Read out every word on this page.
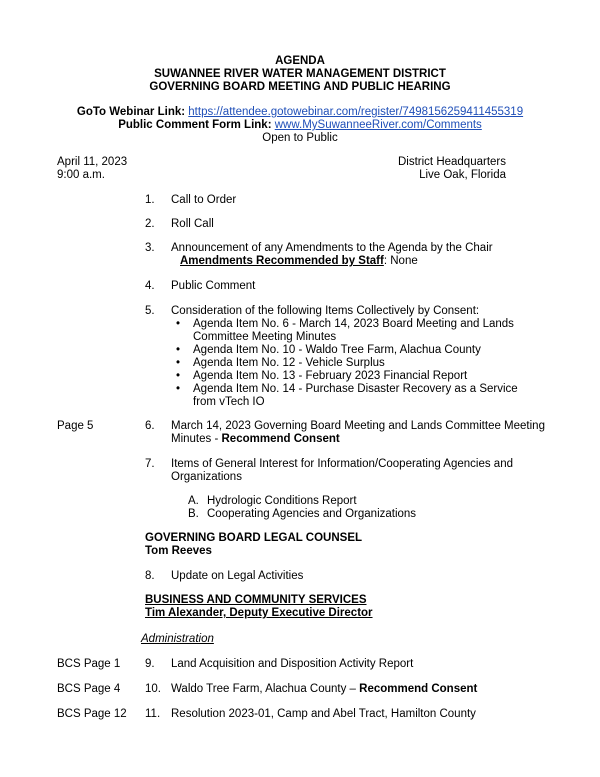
AGENDA
SUWANNEE RIVER WATER MANAGEMENT DISTRICT
GOVERNING BOARD MEETING AND PUBLIC HEARING
GoTo Webinar Link: https://attendee.gotowebinar.com/register/7498156259411455319
Public Comment Form Link: www.MySuwanneeRiver.com/Comments
Open to Public
April 11, 2023
9:00 a.m.
District Headquarters
Live Oak, Florida
1. Call to Order
2. Roll Call
3. Announcement of any Amendments to the Agenda by the Chair
Amendments Recommended by Staff: None
4. Public Comment
5. Consideration of the following Items Collectively by Consent:
• Agenda Item No. 6 - March 14, 2023 Board Meeting and Lands Committee Meeting Minutes
• Agenda Item No. 10 - Waldo Tree Farm, Alachua County
• Agenda Item No. 12 - Vehicle Surplus
• Agenda Item No. 13 - February 2023 Financial Report
• Agenda Item No. 14 - Purchase Disaster Recovery as a Service from vTech IO
Page 5	6. March 14, 2023 Governing Board Meeting and Lands Committee Meeting
Minutes - Recommend Consent
7. Items of General Interest for Information/Cooperating Agencies and
Organizations
A. Hydrologic Conditions Report
B. Cooperating Agencies and Organizations
GOVERNING BOARD LEGAL COUNSEL
Tom Reeves
8. Update on Legal Activities
BUSINESS AND COMMUNITY SERVICES
Tim Alexander, Deputy Executive Director
Administration
BCS Page 1 9. Land Acquisition and Disposition Activity Report
BCS Page 4 10. Waldo Tree Farm, Alachua County – Recommend Consent
BCS Page 12 11. Resolution 2023-01, Camp and Abel Tract, Hamilton County
